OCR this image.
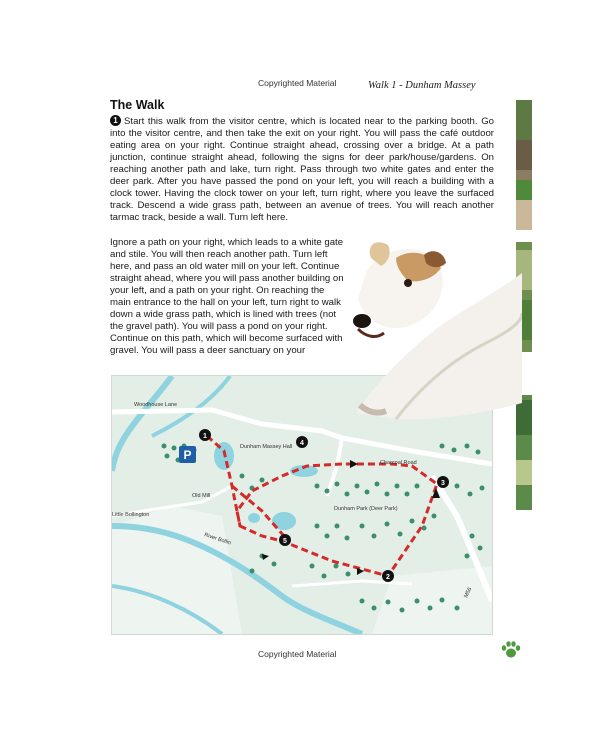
Copyrighted Material	Walk 1 - Dunham Massey
The Walk
1 Start this walk from the visitor centre, which is located near to the parking booth. Go into the visitor centre, and then take the exit on your right. You will pass the café outdoor eating area on your right. Continue straight ahead, crossing over a bridge. At a path junction, continue straight ahead, following the signs for deer park/house/gardens. On reaching another path and lake, turn right. Pass through two white gates and enter the deer park. After you have passed the pond on your left, you will reach a building with a clock tower. Having the clock tower on your left, turn right, where you leave the surfaced track. Descend a wide grass path, between an avenue of trees. You will reach another tarmac track, beside a wall. Turn left here.
Ignore a path on your right, which leads to a white gate and stile. You will then reach another path. Turn left here, and pass an old water mill on your left. Continue straight ahead, where you will pass another building on your left, and a path on your right. On reaching the main entrance to the hall on your left, turn right to walk down a wide grass path, which is lined with trees (not the gravel path). You will pass a pond on your right. Continue on this path, which will become surfaced with gravel. You will pass a deer sanctuary on your
P
1
2
3
4
5
Woodhouse Lane
Dunham Massey Hall
Charcoal Road
Old Mill
Little Bollington
River Bollin
Dunham Park (Deer Park)
M56
Copyrighted Material
